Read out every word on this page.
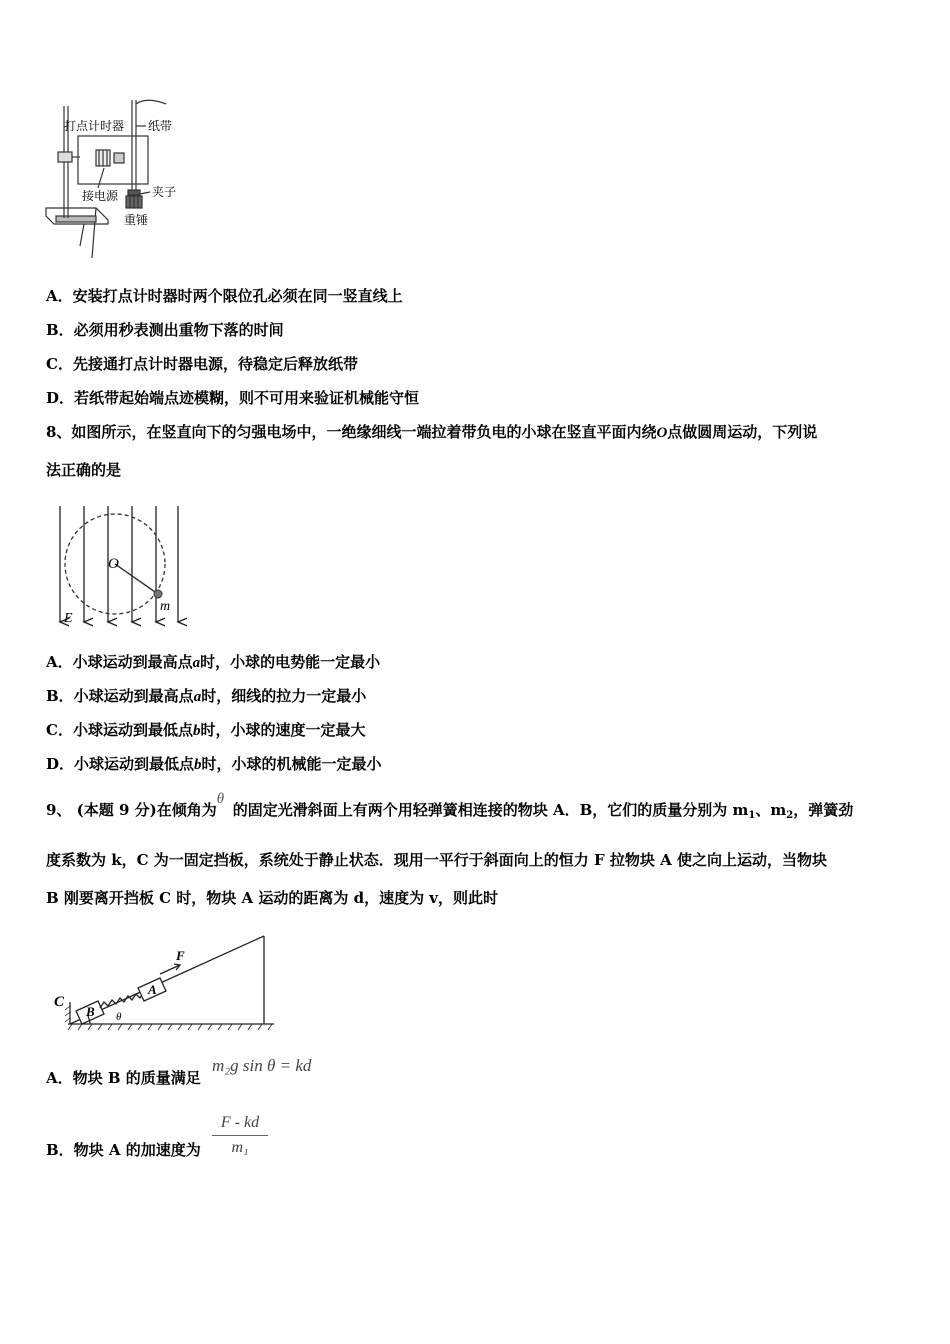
打点计时器 纸带
接电源	夹子
重锤
A．安装打点计时器时两个限位孔必须在同一竖直线上
B．必须用秒表测出重物下落的时间
C．先接通打点计时器电源，待稳定后释放纸带
D．若纸带起始端点迹模糊，则不可用来验证机械能守恒
8、如图所示，在竖直向下的匀强电场中，一绝缘细线一端拉着带负电的小球在竖直平面内绕O点做圆周运动，下列说
法正确的是
O
m
E
A．小球运动到最高点a时，小球的电势能一定最小
B．小球运动到最高点a时，细线的拉力一定最小
C．小球运动到最低点b时，小球的速度一定最大
D．小球运动到最低点b时，小球的机械能一定最小
9、 (本题 9 分)在倾角为θ的固定光滑斜面上有两个用轻弹簧相连接的物块 A．B，它们的质量分别为 $m_1$、$m_2$，弹簧劲
度系数为 k，C 为一固定挡板，系统处于静止状态．现用一平行于斜面向上的恒力 F 拉物块 A 使之向上运动，当物块
B 刚要离开挡板 C 时，物块 A 运动的距离为 d，速度为 v，则此时
C
B
A
F
θ
A．物块 B 的质量满足
m₂g sin θ = kd
B．物块 A 的加速度为
F - kd
m₁
